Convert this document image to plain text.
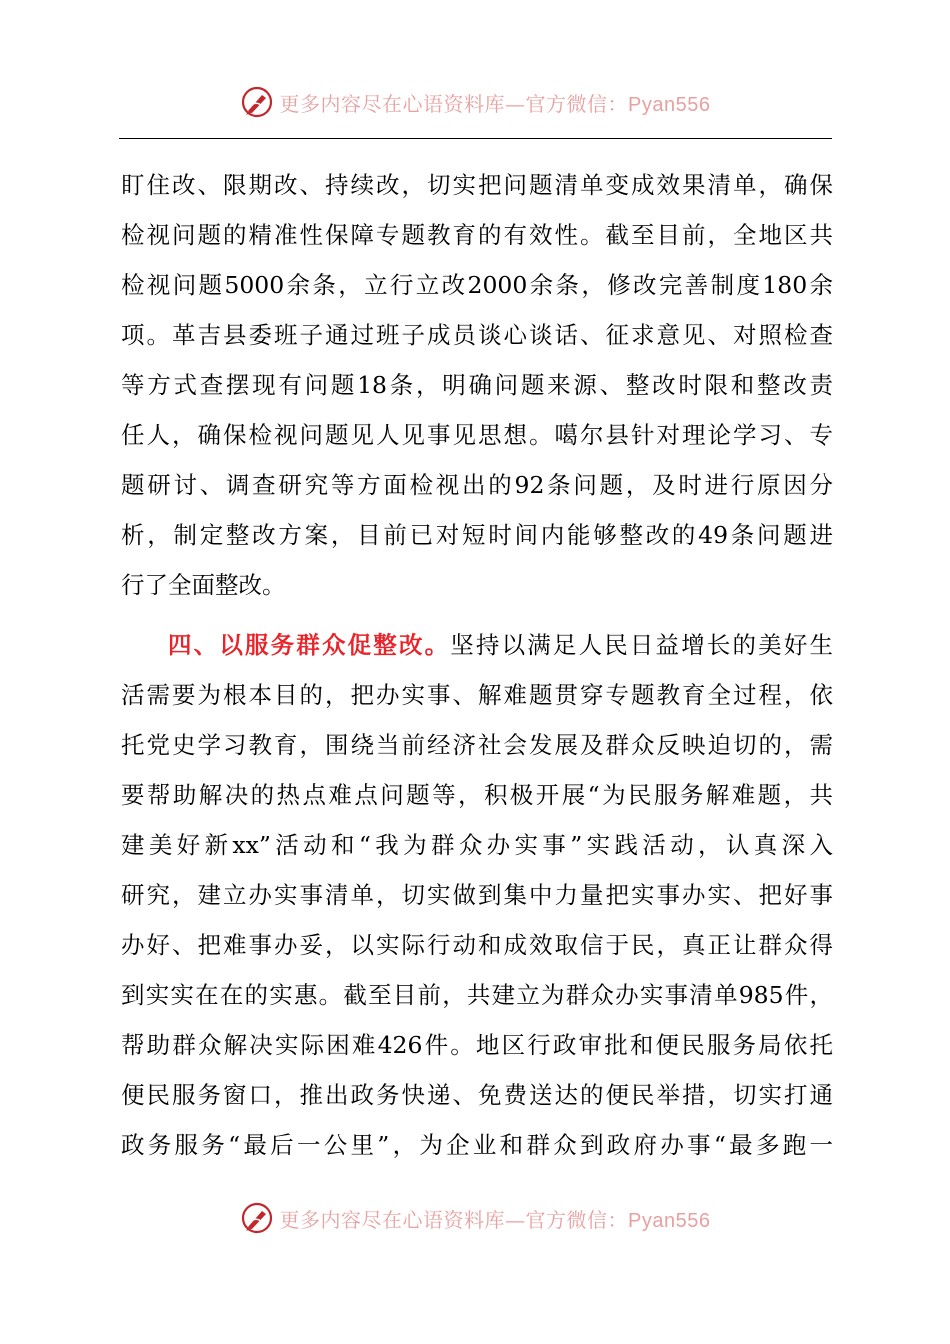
更多内容尽在心语资料库—官方微信：Pyan556
盯住改、限期改、持续改，切实把问题清单变成效果清单，确保
检视问题的精准性保障专题教育的有效性。截至目前，全地区共
检视问题5000余条，立行立改2000余条，修改完善制度180余
项。革吉县委班子通过班子成员谈心谈话、征求意见、对照检查
等方式查摆现有问题18条，明确问题来源、整改时限和整改责
任人，确保检视问题见人见事见思想。噶尔县针对理论学习、专
题研讨、调查研究等方面检视出的92条问题，及时进行原因分
析，制定整改方案，目前已对短时间内能够整改的49条问题进
行了全面整改。
四、以服务群众促整改。坚持以满足人民日益增长的美好生
活需要为根本目的，把办实事、解难题贯穿专题教育全过程，依
托党史学习教育，围绕当前经济社会发展及群众反映迫切的，需
要帮助解决的热点难点问题等，积极开展“为民服务解难题，共
建美好新xx”活动和“我为群众办实事”实践活动，认真深入
研究，建立办实事清单，切实做到集中力量把实事办实、把好事
办好、把难事办妥，以实际行动和成效取信于民，真正让群众得
到实实在在的实惠。截至目前，共建立为群众办实事清单985件，
帮助群众解决实际困难426件。地区行政审批和便民服务局依托
便民服务窗口，推出政务快递、免费送达的便民举措，切实打通
政务服务“最后一公里”，为企业和群众到政府办事“最多跑一
更多内容尽在心语资料库—官方微信：Pyan556
